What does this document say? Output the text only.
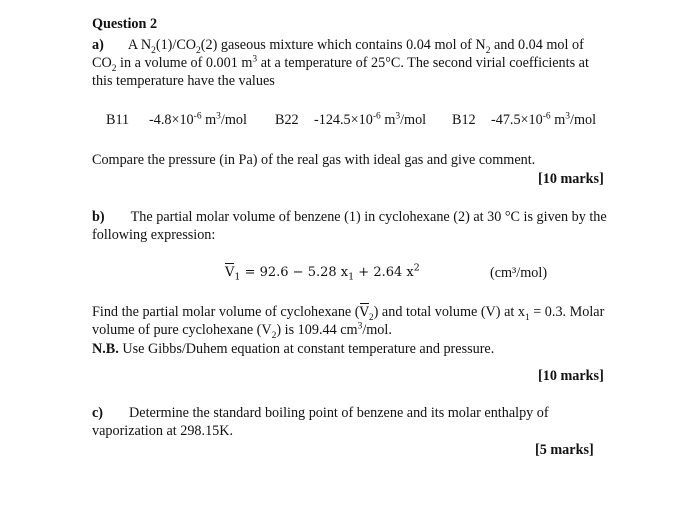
Question 2
a) A $N_2(1)/CO_2(2)$ gaseous mixture which contains 0.04 mol of $N_2$ and 0.04 mol of
$CO_2$ in a volume of 0.001 $m^3$ at a temperature of 25°C. The second virial coefficients at
this temperature have the values
B11 $-4.8\times 10^{-6}$ $m^3$/mol B22 $-124.5\times 10^{-6}$ $m^3$/mol B12 $-47.5\times 10^{-6}$ $m^3$/mol
Compare the pressure (in Pa) of the real gas with ideal gas and give comment.
[10 marks]
b) The partial molar volume of benzene (1) in cyclohexane (2) at 30 °C is given by the
following expression:
$V_1 = 92.6 - 5.28$ $x_1 + 2.64$ $x^2$	(cm³/mol)
Find the partial molar volume of cyclohexane $(V_2)$ and total volume (V) at $x_1 = 0.3$. Molar
volume of pure cyclohexane $(V_2)$ is 109.44 $cm^3$/mol.
N.B. Use Gibbs/Duhem equation at constant temperature and pressure.
[10 marks]
c) Determine the standard boiling point of benzene and its molar enthalpy of
vaporization at 298.15K.
[5 marks]
